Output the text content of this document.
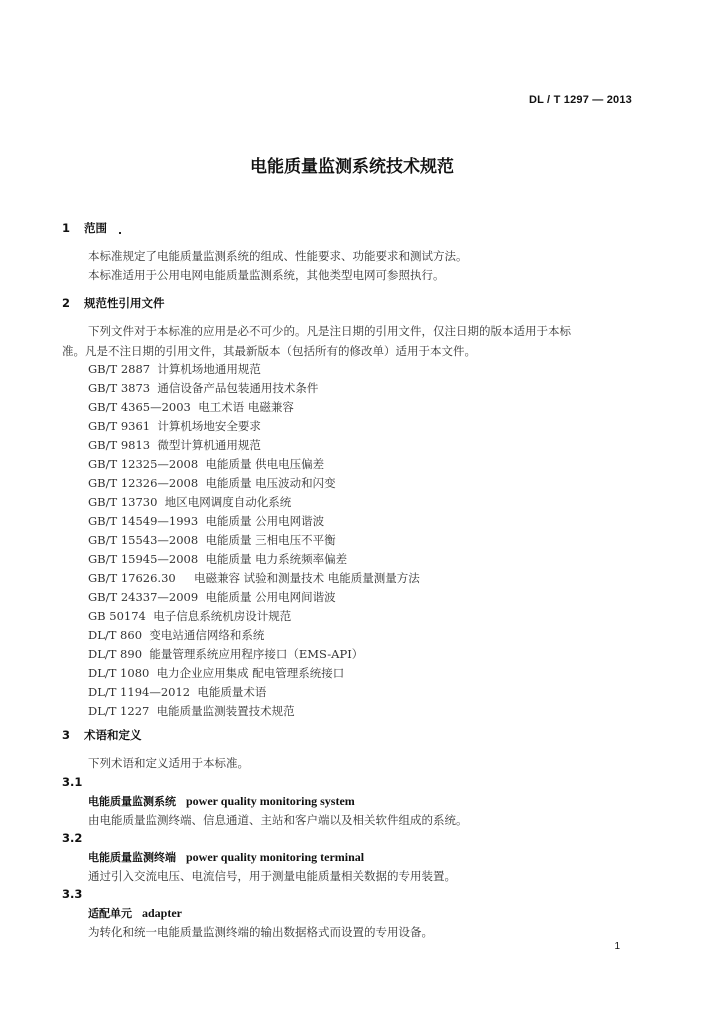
DL / T 1297 — 2013
电能质量监测系统技术规范
1 范围
本标准规定了电能质量监测系统的组成、性能要求、功能要求和测试方法。
本标准适用于公用电网电能质量监测系统，其他类型电网可参照执行。
2 规范性引用文件
下列文件对于本标准的应用是必不可少的。凡是注日期的引用文件，仅注日期的版本适用于本标
准。凡是不注日期的引用文件，其最新版本（包括所有的修改单）适用于本文件。
GB/T 2887 计算机场地通用规范
GB/T 3873 通信设备产品包装通用技术条件
GB/T 4365—2003 电工术语 电磁兼容
GB/T 9361 计算机场地安全要求
GB/T 9813 微型计算机通用规范
GB/T 12325—2008 电能质量 供电电压偏差
GB/T 12326—2008 电能质量 电压波动和闪变
GB/T 13730 地区电网调度自动化系统
GB/T 14549—1993 电能质量 公用电网谐波
GB/T 15543—2008 电能质量 三相电压不平衡
GB/T 15945—2008 电能质量 电力系统频率偏差
GB/T 17626.30 电磁兼容 试验和测量技术 电能质量测量方法
GB/T 24337—2009 电能质量 公用电网间谐波
GB 50174 电子信息系统机房设计规范
DL/T 860 变电站通信网络和系统
DL/T 890 能量管理系统应用程序接口（EMS-API）
DL/T 1080 电力企业应用集成 配电管理系统接口
DL/T 1194—2012 电能质量术语
DL/T 1227 电能质量监测装置技术规范
3 术语和定义
下列术语和定义适用于本标准。
3.1
电能质量监测系统 power quality monitoring system
由电能质量监测终端、信息通道、主站和客户端以及相关软件组成的系统。
3.2
电能质量监测终端 power quality monitoring terminal
通过引入交流电压、电流信号，用于测量电能质量相关数据的专用装置。
3.3
适配单元 adapter
为转化和统一电能质量监测终端的输出数据格式而设置的专用设备。
1
